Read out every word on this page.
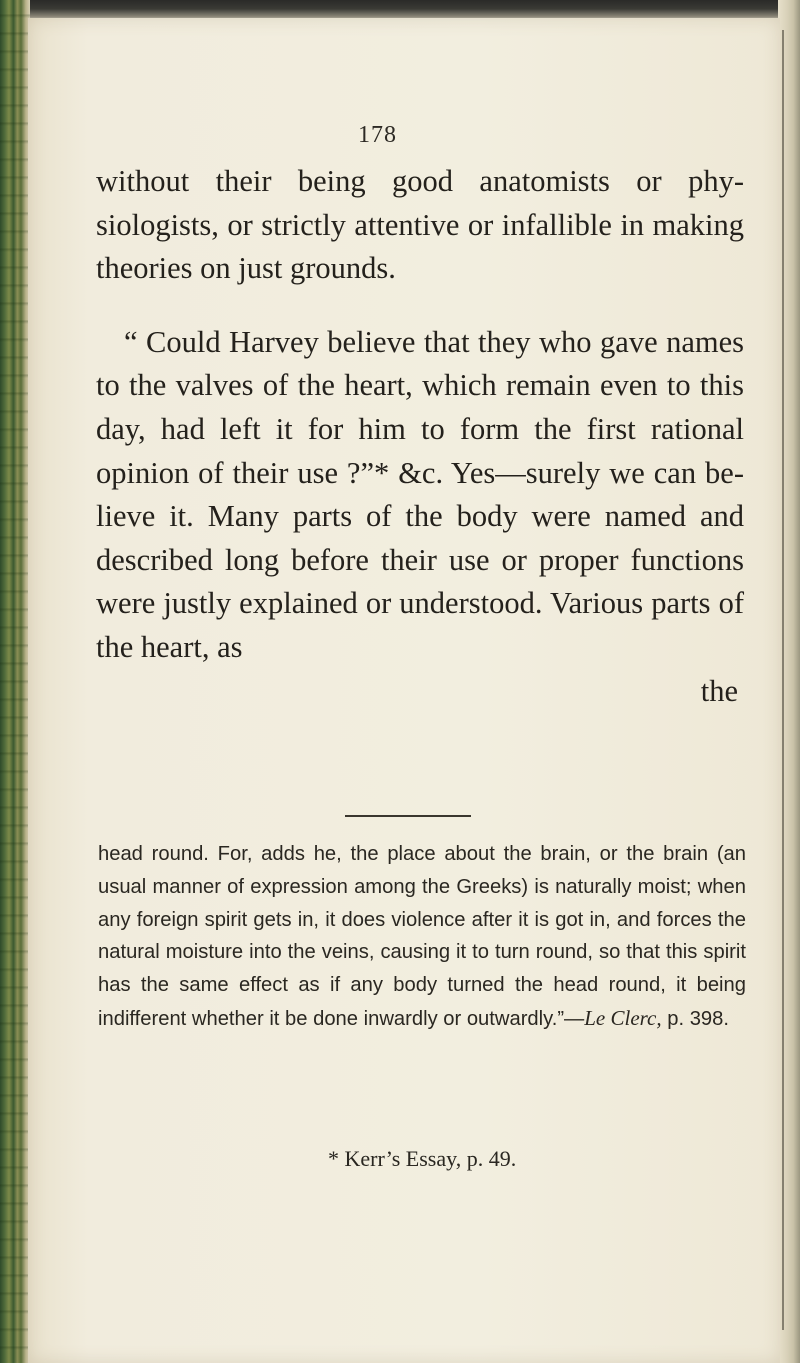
178

without their being good anatomists or physiologists, or strictly attentive or infallible in making theories on just grounds.

“ Could Harvey believe that they who gave names to the valves of the heart, which remain even to this day, had left it for him to form the first rational opinion of their use ?”* &c. Yes—surely we can believe it. Many parts of the body were named and described long before their use or proper functions were justly explained or understood. Various parts of the heart, as

the

head round. For, adds he, the place about the brain, or the brain (an usual manner of expression among the Greeks) is naturally moist; when any foreign spirit gets in, it does violence after it is got in, and forces the natural moisture into the veins, causing it to turn round, so that this spirit has the same effect as if any body turned the head round, it being indifferent whether it be done inwardly or outwardly.”—Le Clerc, p. 398.
* Kerr’s Essay, p. 49.
